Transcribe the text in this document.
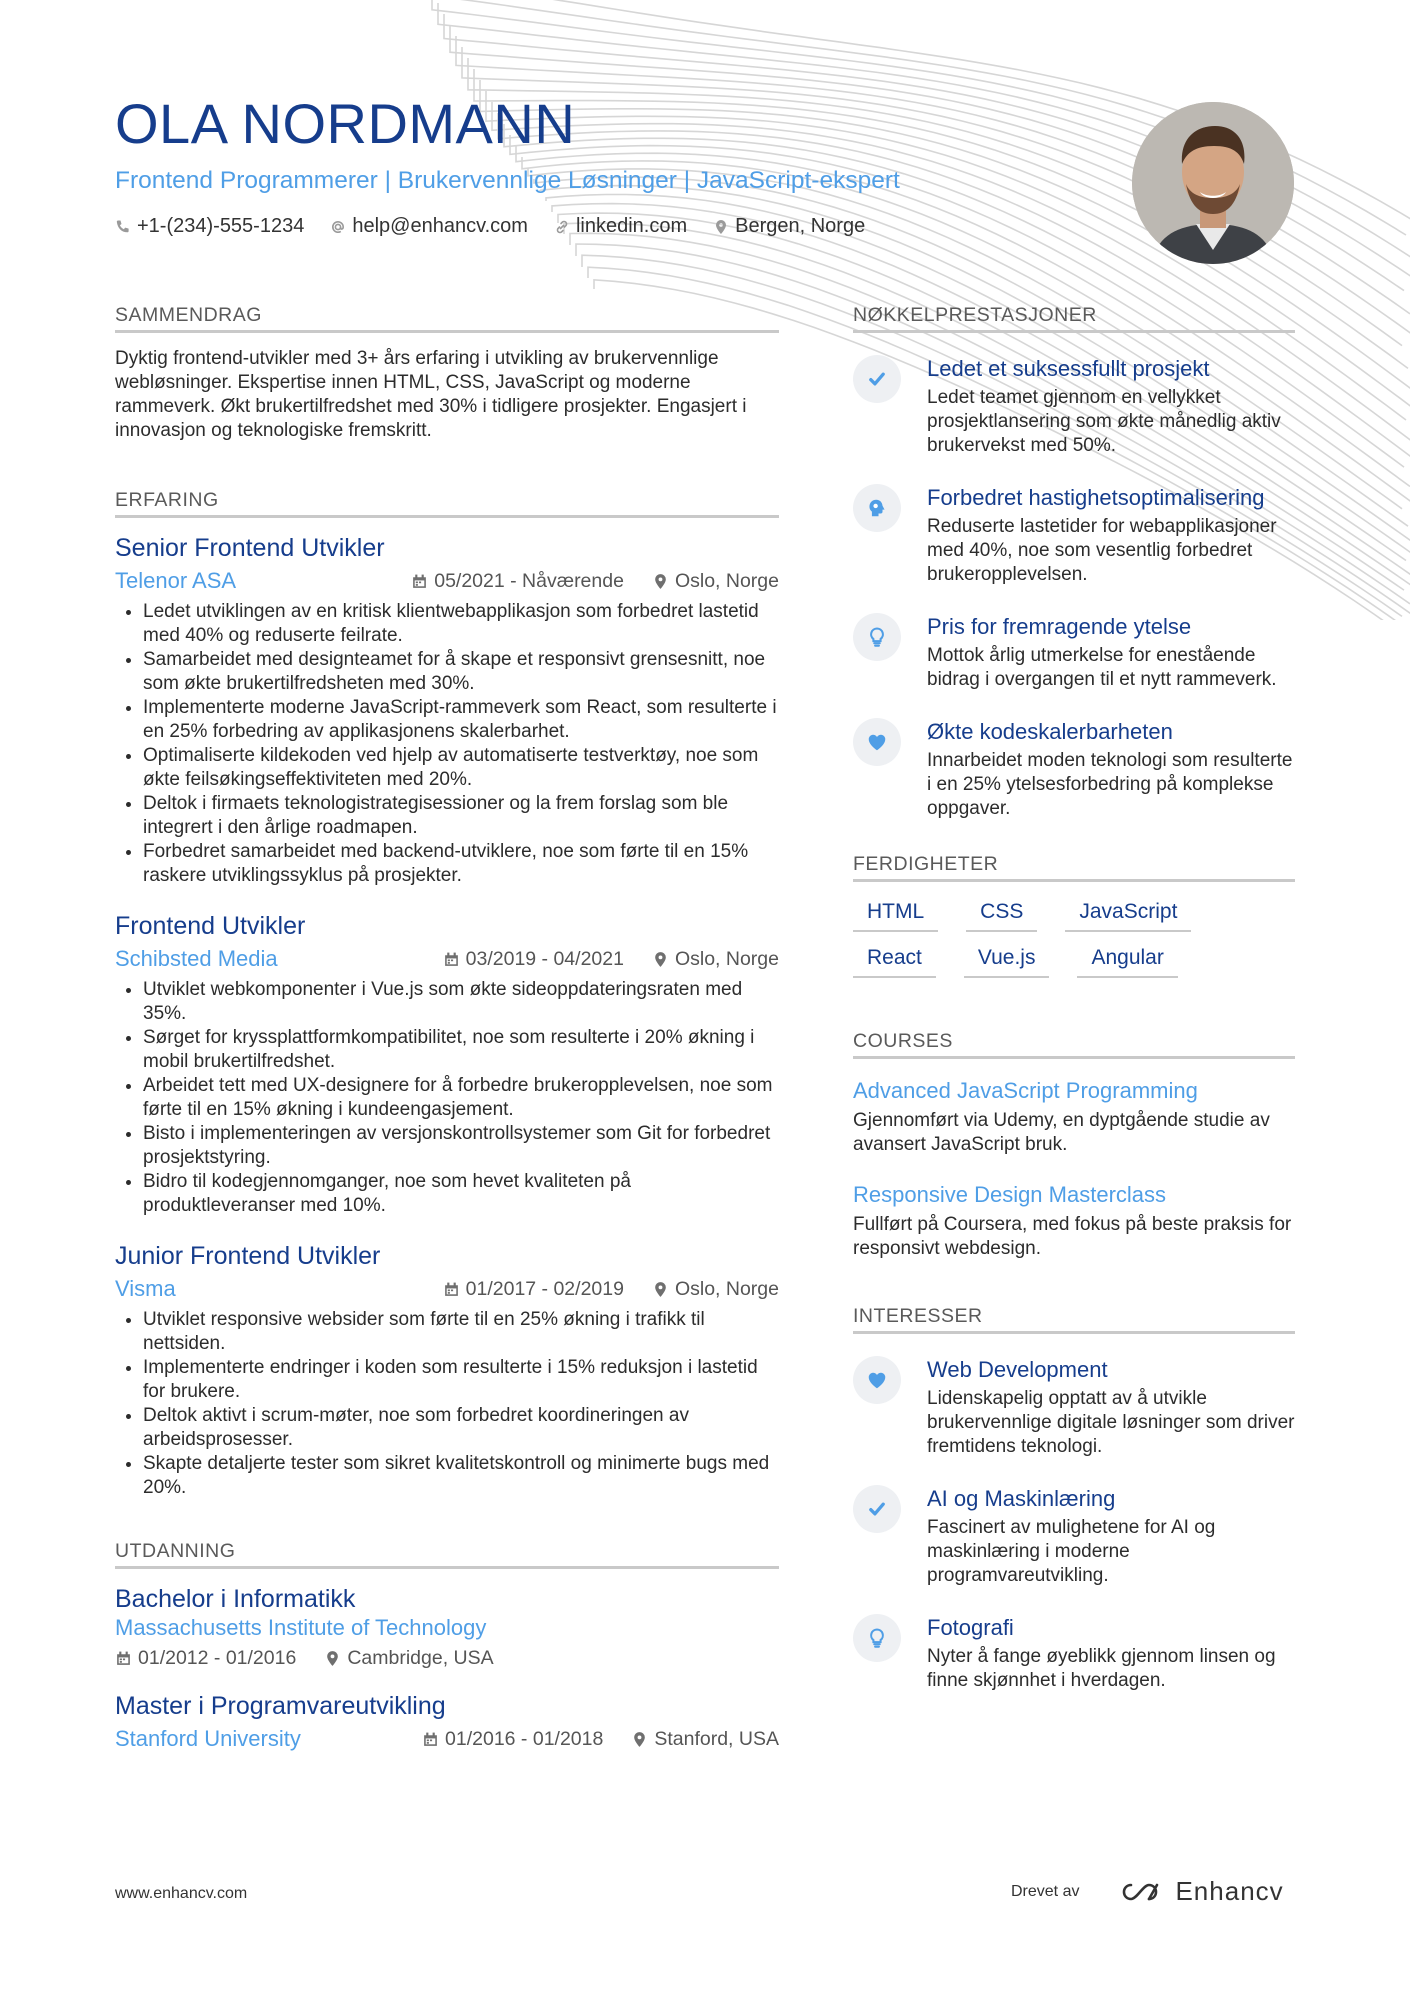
OLA NORDMANN
Frontend Programmerer | Brukervennlige Løsninger | JavaScript-ekspert
+1-(234)-555-1234 help@enhancv.com linkedin.com Bergen, Norge
SAMMENDRAG

Dyktig frontend-utvikler med 3+ års erfaring i utvikling av brukervennlige webløsninger. Ekspertise innen HTML, CSS, JavaScript og moderne rammeverk. Økt brukertilfredshet med 30% i tidligere prosjekter. Engasjert i innovasjon og teknologiske fremskritt.

ERFARING
Senior Frontend Utvikler
Telenor ASA	05/2021 - Nåværende	Oslo, Norge
• Ledet utviklingen av en kritisk klientwebapplikasjon som forbedret lastetid med 40% og reduserte feilrate.
• Samarbeidet med designteamet for å skape et responsivt grensesnitt, noe som økte brukertilfredsheten med 30%.
• Implementerte moderne JavaScript-rammeverk som React, som resulterte i en 25% forbedring av applikasjonens skalerbarhet.
• Optimaliserte kildekoden ved hjelp av automatiserte testverktøy, noe som økte feilsøkingseffektiviteten med 20%.
• Deltok i firmaets teknologistrategisessioner og la frem forslag som ble integrert i den årlige roadmapen.
• Forbedret samarbeidet med backend-utviklere, noe som førte til en 15% raskere utviklingssyklus på prosjekter.
Frontend Utvikler
Schibsted Media	03/2019 - 04/2021	Oslo, Norge
• Utviklet webkomponenter i Vue.js som økte sideoppdateringsraten med 35%.
• Sørget for kryssplattformkompatibilitet, noe som resulterte i 20% økning i mobil brukertilfredshet.
• Arbeidet tett med UX-designere for å forbedre brukeropplevelsen, noe som førte til en 15% økning i kundeengasjement.
• Bisto i implementeringen av versjonskontrollsystemer som Git for forbedret prosjektstyring.
• Bidro til kodegjennomganger, noe som hevet kvaliteten på produktleveranser med 10%.
Junior Frontend Utvikler
Visma	01/2017 - 02/2019	Oslo, Norge
• Utviklet responsive websider som førte til en 25% økning i trafikk til nettsiden.
• Implementerte endringer i koden som resulterte i 15% reduksjon i lastetid for brukere.
• Deltok aktivt i scrum-møter, noe som forbedret koordineringen av arbeidsprosesser.
• Skapte detaljerte tester som sikret kvalitetskontroll og minimerte bugs med 20%.
UTDANNING
Bachelor i Informatikk
Massachusetts Institute of Technology
01/2012 - 01/2016	Cambridge, USA
Master i Programvareutvikling
Stanford University	01/2016 - 01/2018	Stanford, USA
NØKKELPRESTASJONER
Ledet et suksessfullt prosjekt
Ledet teamet gjennom en vellykket prosjektlansering som økte månedlig aktiv brukervekst med 50%.
Forbedret hastighetsoptimalisering
Reduserte lastetider for webapplikasjoner med 40%, noe som vesentlig forbedret brukeropplevelsen.
Pris for fremragende ytelse
Mottok årlig utmerkelse for enestående bidrag i overgangen til et nytt rammeverk.
Økte kodeskalerbarheten
Innarbeidet moden teknologi som resulterte i en 25% ytelsesforbedring på komplekse oppgaver.
FERDIGHETER
HTML	CSS	JavaScript
React	Vue.js	Angular
COURSES
Advanced JavaScript Programming
Gjennomført via Udemy, en dyptgående studie av avansert JavaScript bruk.
Responsive Design Masterclass
Fullført på Coursera, med fokus på beste praksis for responsivt webdesign.
INTERESSER
Web Development
Lidenskapelig opptatt av å utvikle brukervennlige digitale løsninger som driver fremtidens teknologi.
AI og Maskinlæring
Fascinert av mulighetene for AI og maskinlæring i moderne programvareutvikling.
Fotografi
Nyter å fange øyeblikk gjennom linsen og finne skjønnhet i hverdagen.
www.enhancv.com	Drevet av	Enhancv
